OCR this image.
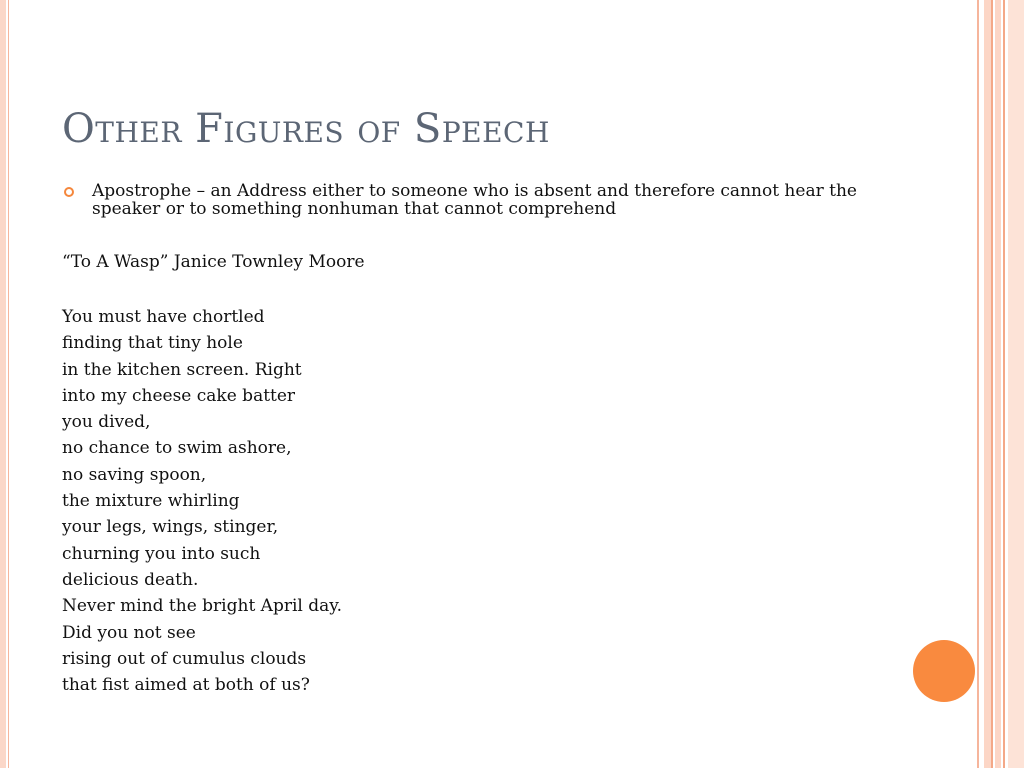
Other Figures of Speech
Apostrophe – an Address either to someone who is absent and therefore cannot hear the speaker or to something nonhuman that cannot comprehend
“To A Wasp” Janice Townley Moore
You must have chortled
finding that tiny hole
in the kitchen screen. Right
into my cheese cake batter
you dived,
no chance to swim ashore,
no saving spoon,
the mixture whirling
your legs, wings, stinger,
churning you into such
delicious death.
Never mind the bright April day.
Did you not see
rising out of cumulus clouds
that fist aimed at both of us?
